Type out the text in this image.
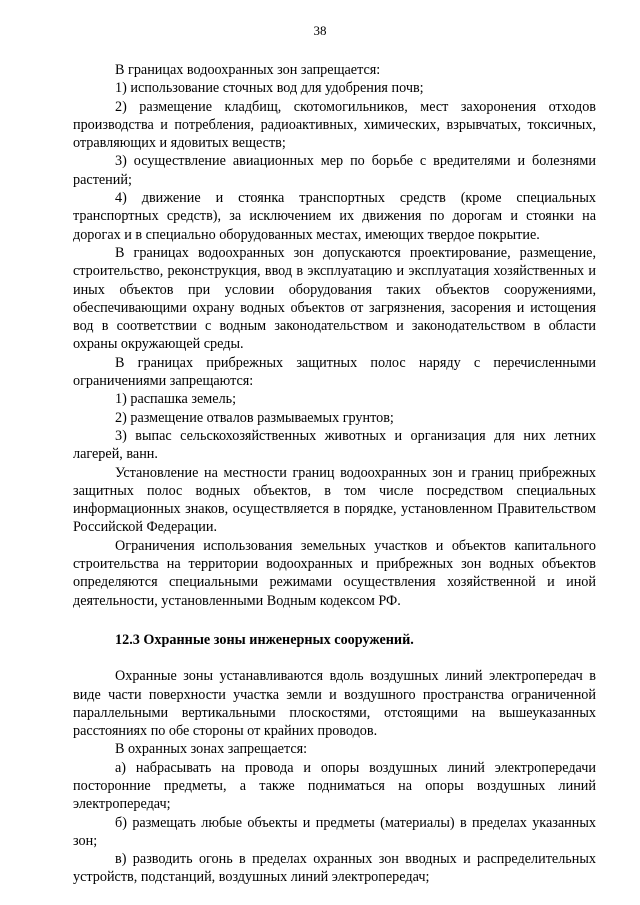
38

В границах водоохранных зон запрещается:

1) использование сточных вод для удобрения почв;

2) размещение кладбищ, скотомогильников, мест захоронения отходов производства и потребления, радиоактивных, химических, взрывчатых, токсичных, отравляющих и ядовитых веществ;

3) осуществление авиационных мер по борьбе с вредителями и болезнями растений;

4) движение и стоянка транспортных средств (кроме специальных транспортных средств), за исключением их движения по дорогам и стоянки на дорогах и в специально оборудованных местах, имеющих твердое покрытие.

В границах водоохранных зон допускаются проектирование, размещение, строительство, реконструкция, ввод в эксплуатацию и эксплуатация хозяйственных и иных объектов при условии оборудования таких объектов сооружениями, обеспечивающими охрану водных объектов от загрязнения, засорения и истощения вод в соответствии с водным законодательством и законодательством в области охраны окружающей среды.

В границах прибрежных защитных полос наряду с перечисленными ограничениями запрещаются:

1) распашка земель;

2) размещение отвалов размываемых грунтов;

3) выпас сельскохозяйственных животных и организация для них летних лагерей, ванн.

Установление на местности границ водоохранных зон и границ прибрежных защитных полос водных объектов, в том числе посредством специальных информационных знаков, осуществляется в порядке, установленном Правительством Российской Федерации.

Ограничения использования земельных участков и объектов капитального строительства на территории водоохранных и прибрежных зон водных объектов определяются специальными режимами осуществления хозяйственной и иной деятельности, установленными Водным кодексом РФ.

12.3 Охранные зоны инженерных сооружений.

Охранные зоны устанавливаются вдоль воздушных линий электропередач в виде части поверхности участка земли и воздушного пространства ограниченной параллельными вертикальными плоскостями, отстоящими на вышеуказанных расстояниях по обе стороны от крайних проводов.

В охранных зонах запрещается:

а) набрасывать на провода и опоры воздушных линий электропередачи посторонние предметы, а также подниматься на опоры воздушных линий электропередач;

б) размещать любые объекты и предметы (материалы) в пределах указанных зон;

в) разводить огонь в пределах охранных зон вводных и распределительных устройств, подстанций, воздушных линий электропередач;
